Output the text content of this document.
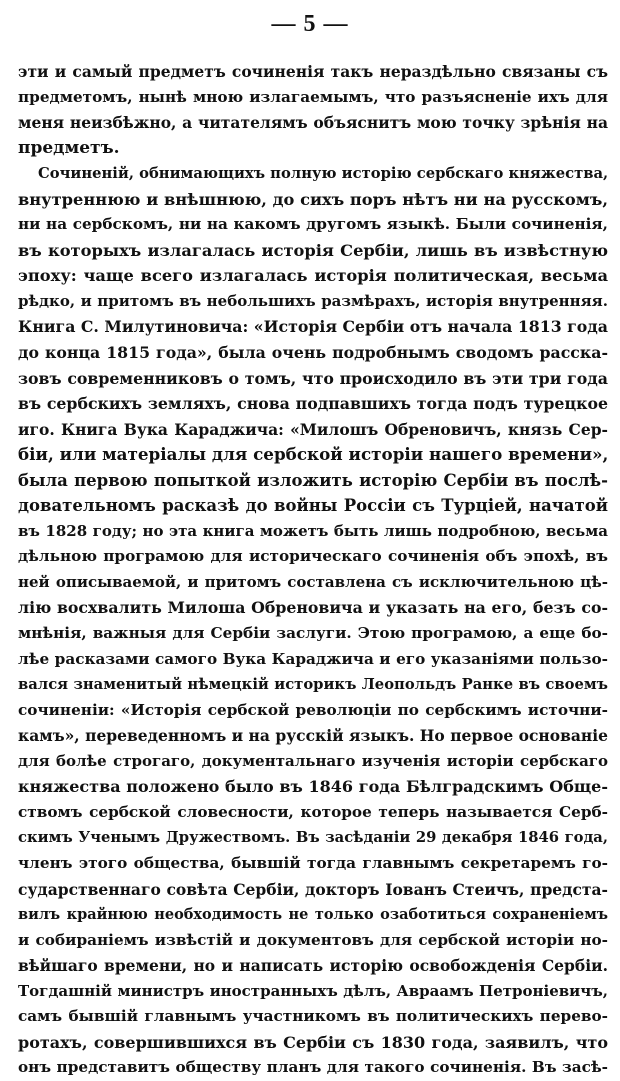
— 5 —
эти и самый предметъ сочиненія такъ нераздѣльно связаны съ
предметомъ, нынѣ мною излагаемымъ, что разъясненіе ихъ для
меня неизбѣжно, а читателямъ объяснитъ мою точку зрѣнія на
предметъ.
Сочиненій, обнимающихъ полную исторію сербскаго княжества,
внутреннюю и внѣшнюю, до сихъ поръ нѣтъ ни на русскомъ,
ни на сербскомъ, ни на какомъ другомъ языкѣ. Были сочиненія,
въ которыхъ излагалась исторія Сербіи, лишь въ извѣстную
эпоху: чаще всего излагалась исторія политическая, весьма
рѣдко, и притомъ въ небольшихъ размѣрахъ, исторія внутренняя.
Книга С. Милутиновича: «Исторія Сербіи отъ начала 1813 года
до конца 1815 года», была очень подробнымъ сводомъ расска-
зовъ современниковъ о томъ, что происходило въ эти три года
въ сербскихъ земляхъ, снова подпавшихъ тогда подъ турецкое
иго. Книга Вука Караджича: «Милошъ Обреновичъ, князь Сер-
біи, или матеріалы для сербской исторіи нашего времени»,
была первою попыткой изложить исторію Сербіи въ послѣ-
довательномъ расказѣ до войны Россіи съ Турціей, начатой
въ 1828 году; но эта книга можетъ быть лишь подробною, весьма
дѣльною програмою для историческаго сочиненія объ эпохѣ, въ
ней описываемой, и притомъ составлена съ исключительною цѣ-
лію восхвалить Милоша Обреновича и указать на его, безъ со-
мнѣнія, важныя для Сербіи заслуги. Этою програмою, а еще бо-
лѣе расказами самого Вука Караджича и его указаніями пользо-
вался знаменитый нѣмецкій историкъ Леопольдъ Ранке въ своемъ
сочиненіи: «Исторія сербской революціи по сербскимъ источни-
камъ», переведенномъ и на русскій языкъ. Но первое основаніе
для болѣе строгаго, документальнаго изученія исторіи сербскаго
княжества положено было въ 1846 года Бѣлградскимъ Обще-
ствомъ сербской словесности, которое теперь называется Серб-
скимъ Ученымъ Дружествомъ. Въ засѣданіи 29 декабря 1846 года,
членъ этого общества, бывшій тогда главнымъ секретаремъ го-
сударственнаго совѣта Сербіи, докторъ Іованъ Стеичъ, предста-
вилъ крайнюю необходимость не только озаботиться сохраненіемъ
и собираніемъ извѣстій и документовъ для сербской исторіи но-
вѣйшаго времени, но и написать исторію освобожденія Сербіи.
Тогдашній министръ иностранныхъ дѣлъ, Авраамъ Петроніевичъ,
самъ бывшій главнымъ участникомъ въ политическихъ перево-
ротахъ, совершившихся въ Сербіи съ 1830 года, заявилъ, что
онъ представитъ обществу планъ для такого сочиненія. Въ засѣ-
